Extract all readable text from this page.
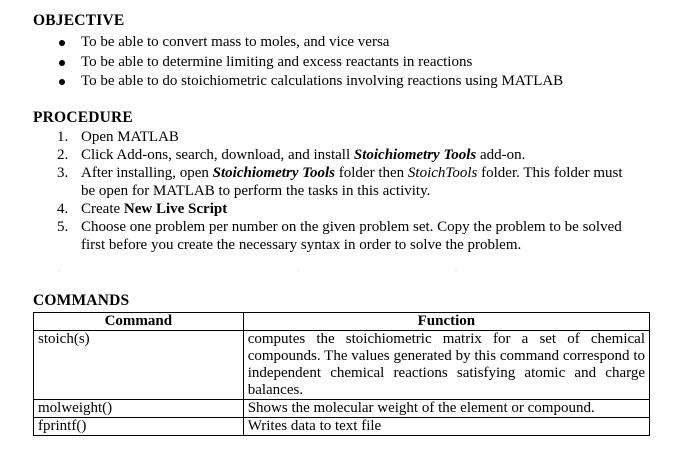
OBJECTIVE
To be able to convert mass to moles, and vice versa
To be able to determine limiting and excess reactants in reactions
To be able to do stoichiometric calculations involving reactions using MATLAB
PROCEDURE
1. Open MATLAB
2. Click Add-ons, search, download, and install Stoichiometry Tools add-on.
3. After installing, open Stoichiometry Tools folder then StoichTools folder. This folder must
be open for MATLAB to perform the tasks in this activity.
4. Create New Live Script
5. Choose one problem per number on the given problem set. Copy the problem to be solved
first before you create the necessary syntax in order to solve the problem.
-	-	-
COMMANDS
Command	Function
stoich(s)	computes the stoichiometric matrix for a set of chemical compounds. The values generated by this command correspond to independent chemical reactions satisfying atomic and charge balances.
molweight()	Shows the molecular weight of the element or compound.
fprintf()	Writes data to text file
